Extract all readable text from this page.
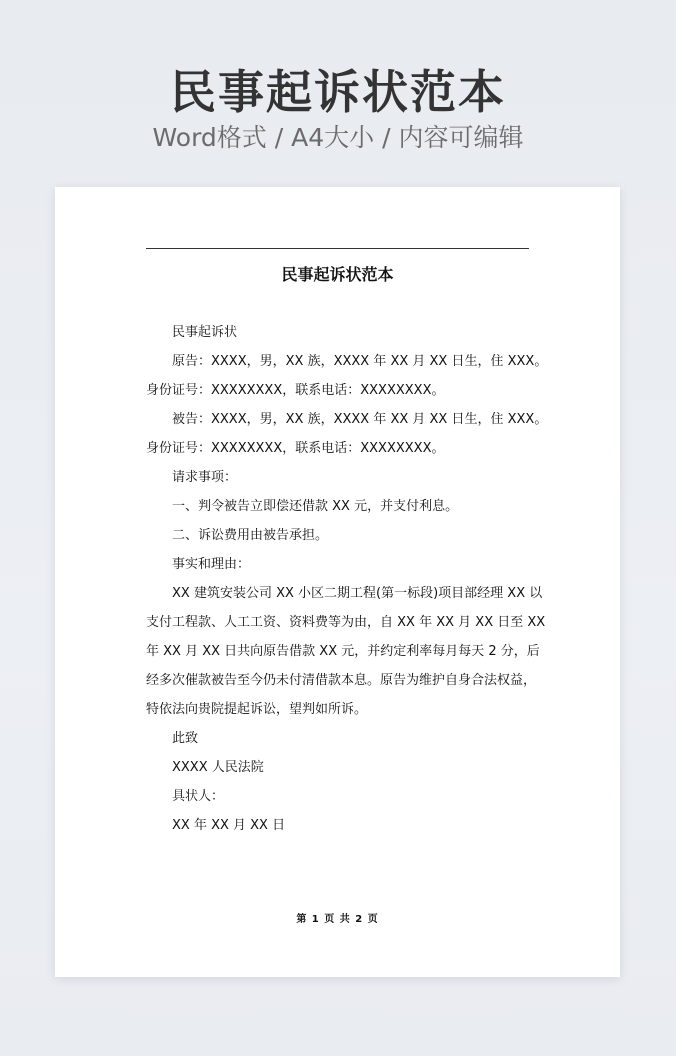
民事起诉状范本
Word格式 / A4大小 / 内容可编辑
民事起诉状范本
民事起诉状
原告：XXXX，男，XX 族，XXXX 年 XX 月 XX 日生，住 XXX。
身份证号：XXXXXXXX，联系电话：XXXXXXXX。
被告：XXXX，男，XX 族，XXXX 年 XX 月 XX 日生，住 XXX。
身份证号：XXXXXXXX，联系电话：XXXXXXXX。
请求事项：
一、判令被告立即偿还借款 XX 元，并支付利息。
二、诉讼费用由被告承担。
事实和理由：
XX 建筑安装公司 XX 小区二期工程(第一标段)项目部经理 XX 以
支付工程款、人工工资、资料费等为由，自 XX 年 XX 月 XX 日至 XX
年 XX 月 XX 日共向原告借款 XX 元，并约定利率每月每天 2 分，后
经多次催款被告至今仍未付清借款本息。原告为维护自身合法权益，
特依法向贵院提起诉讼，望判如所诉。
此致
XXXX 人民法院
具状人：
XX 年 XX 月 XX 日
第 1 页 共 2 页
